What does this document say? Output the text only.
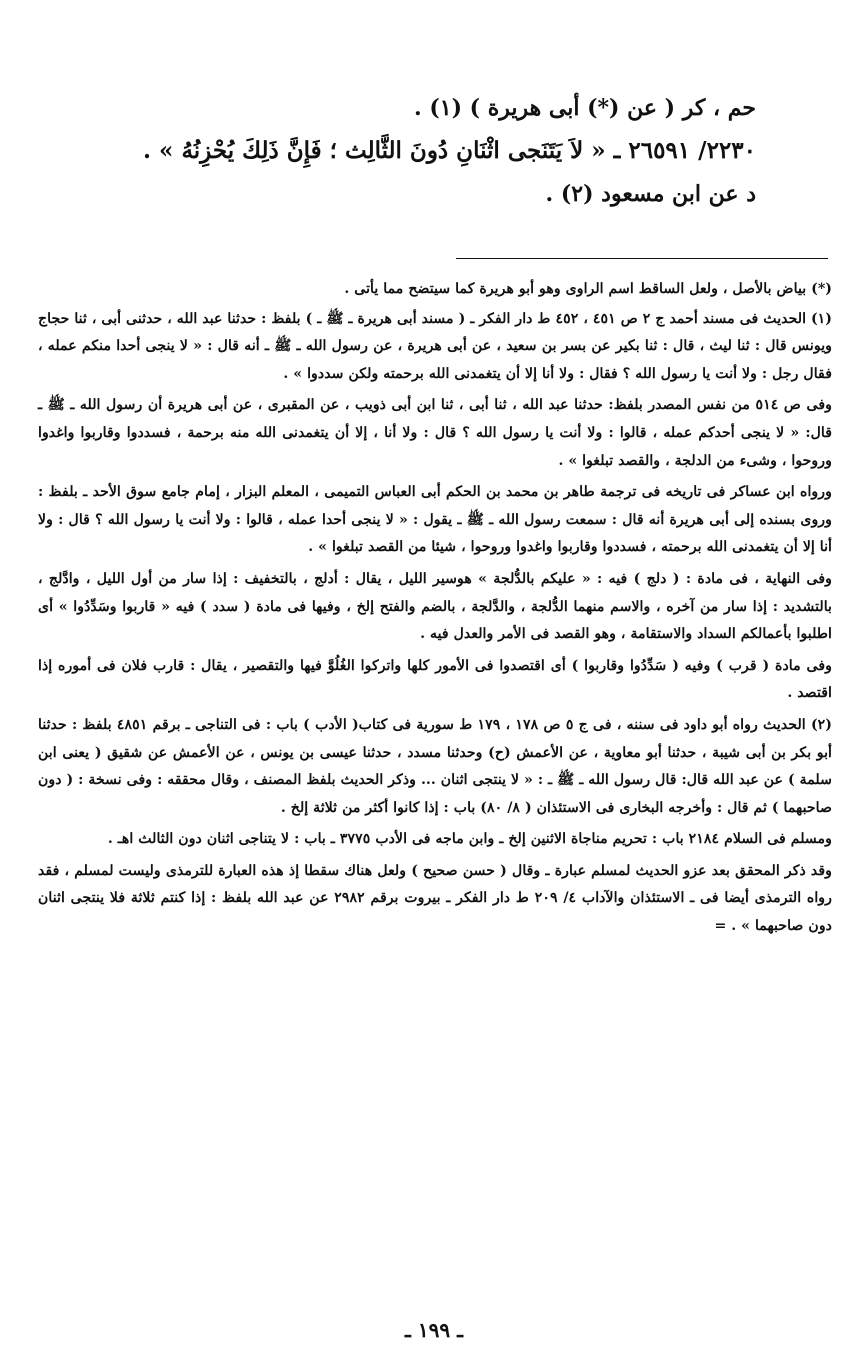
حم ، كر ( عن (*) أبى هريرة ) (١) .

٢٢٣٠/ ٢٦٥٩١ ـ « لاَ يَتَنَجى اثْنَانِ دُونَ الثَّالِث ؛ فَإِنَّ ذَلِكَ يُحْزِنُهُ » .

د عن ابن مسعود (٢) .

(*) بياض بالأصل ، ولعل الساقط اسم الراوى وهو أبو هريرة كما سيتضح مما يأتى .

(١) الحديث فى مسند أحمد ج ٢ ص ٤٥١ ، ٤٥٢ ط دار الفكر ـ ( مسند أبى هريرة ـ ﷺ ـ ) بلفظ : حدثنا عبد الله ، حدثنى أبى ، ثنا حجاج ويونس قال : ثنا ليث ، قال : ثنا بكير عن بسر بن سعيد ، عن أبى هريرة ، عن رسول الله ـ ﷺ ـ أنه قال : « لا ينجى أحدا منكم عمله ، فقال رجل : ولا أنت يا رسول الله ؟ فقال : ولا أنا إلا أن يتغمدنى الله برحمته ولكن سددوا » .

وفى ص ٥١٤ من نفس المصدر بلفظ: حدثنا عبد الله ، ثنا أبى ، ثنا ابن أبى ذويب ، عن المقبرى ، عن أبى هريرة أن رسول الله ـ ﷺ ـ قال: « لا ينجى أحدكم عمله ، قالوا : ولا أنت يا رسول الله ؟ قال : ولا أنا ، إلا أن يتغمدنى الله منه برحمة ، فسددوا وقاربوا واغدوا وروحوا ، وشىء من الدلجة ، والقصد تبلغوا » .

ورواه ابن عساكر فى تاريخه فى ترجمة طاهر بن محمد بن الحكم أبى العباس التميمى ، المعلم البزار ، إمام جامع سوق الأحد ـ بلفظ : وروى بسنده إلى أبى هريرة أنه قال : سمعت رسول الله ـ ﷺ ـ يقول : « لا ينجى أحدا عمله ، قالوا : ولا أنت يا رسول الله ؟ قال : ولا أنا إلا أن يتغمدنى الله برحمته ، فسددوا وقاربوا واغدوا وروحوا ، شيئا من القصد تبلغوا » .

وفى النهاية ، فى مادة : ( دلج ) فيه : « عليكم بالدُّلجة » هوسير الليل ، يقال : أدلج ، بالتخفيف : إذا سار من أول الليل ، وادَّلج ، بالتشديد : إذا سار من آخره ، والاسم منهما الدُّلجة ، والدَّلجة ، بالضم والفتح إلخ ، وفيها فى مادة ( سدد ) فيه « قاربوا وسَدِّدُوا » أى اطلبوا بأعمالكم السداد والاستقامة ، وهو القصد فى الأمر والعدل فيه .

وفى مادة ( قرب ) وفيه ( سَدِّدُوا وقاربوا ) أى اقتصدوا فى الأمور كلها واتركوا الغُلُوَّ فيها والتقصير ، يقال : قارب فلان فى أموره إذا اقتصد .

(٢) الحديث رواه أبو داود فى سننه ، فى ج ٥ ص ١٧٨ ، ١٧٩ ط سورية فى كتاب( الأدب ) باب : فى التناجى ـ برقم ٤٨٥١ بلفظ : حدثنا أبو بكر بن أبى شيبة ، حدثنا أبو معاوية ، عن الأعمش (ح) وحدثنا مسدد ، حدثنا عيسى بن يونس ، عن الأعمش عن شقيق ( يعنى ابن سلمة ) عن عبد الله قال: قال رسول الله ـ ﷺ ـ : « لا ينتجى اثنان ... وذكر الحديث بلفظ المصنف ، وقال محققه : وفى نسخة : ( دون صاحبهما ) ثم قال : وأخرجه البخارى فى الاستئذان ( ٨/ ٨٠) باب : إذا كانوا أكثر من ثلاثة إلخ .

ومسلم فى السلام ٢١٨٤ باب : تحريم مناجاة الاثنين إلخ ـ وابن ماجه فى الأدب ٣٧٧٥ ـ باب : لا يتناجى اثنان دون الثالث اهـ .

وقد ذكر المحقق بعد عزو الحديث لمسلم عبارة ـ وقال ( حسن صحيح ) ولعل هناك سقطا إذ هذه العبارة للترمذى وليست لمسلم ، فقد رواه الترمذى أيضا فى ـ الاستئذان والآداب ٤/ ٢٠٩ ط دار الفكر ـ بيروت برقم ٢٩٨٢ عن عبد الله بلفظ : إذا كنتم ثلاثة فلا ينتجى اثنان دون صاحبهما » . =

ـ ١٩٩ ـ
